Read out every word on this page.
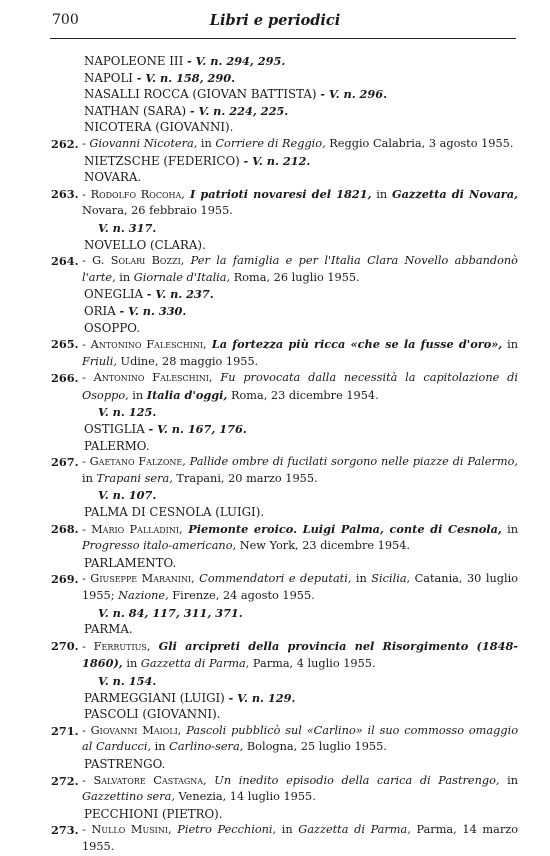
700	Libri e periodici
NAPOLEONE III - V. n. 294, 295.
NAPOLI - V. n. 158, 290.
NASALLI ROCCA (GIOVAN BATTISTA) - V. n. 296.
NATHAN (SARA) - V. n. 224, 225.
NICOTERA (GIOVANNI).
262. - Giovanni Nicotera, in Corriere di Reggio, Reggio Calabria, 3 agosto 1955.
NIETZSCHE (FEDERICO) - V. n. 212.
NOVARA.
263. - Rodolfo Rocoha, I patrioti novaresi del 1821, in Gazzetta di Novara, Novara, 26 febbraio 1955.
V. n. 317.
NOVELLO (CLARA).
264. - G. Solari Bozzi, Per la famiglia e per l'Italia Clara Novello abbandonò l'arte, in Giornale d'Italia, Roma, 26 luglio 1955.
ONEGLIA - V. n. 237.
ORIA - V. n. 330.
OSOPPO.
265. - Antonino Faleschini, La fortezza più ricca «che se la fusse d'oro», in Friuli, Udine, 28 maggio 1955.
266. - Antonino Faleschini, Fu provocata dalla necessità la capitolazione di Osoppo, in Italia d'oggi, Roma, 23 dicembre 1954.
V. n. 125.
OSTIGLIA - V. n. 167, 176.
PALERMO.
267. - Gaetano Falzone, Pallide ombre di fucilati sorgono nelle piazze di Palermo, in Trapani sera, Trapani, 20 marzo 1955.
V. n. 107.
PALMA DI CESNOLA (LUIGI).
268. - Mario Palladini, Piemonte eroico. Luigi Palma, conte di Cesnola, in Progresso italo-americano, New York, 23 dicembre 1954.
PARLAMENTO.
269. - Giuseppe Maranini, Commendatori e deputati, in Sicilia, Catania, 30 luglio 1955; Nazione, Firenze, 24 agosto 1955.
V. n. 84, 117, 311, 371.
PARMA.
270. - Ferrutius, Gli arcipreti della provincia nel Risorgimento (1848-1860), in Gazzetta di Parma, Parma, 4 luglio 1955.
V. n. 154.
PARMEGGIANI (LUIGI) - V. n. 129.
PASCOLI (GIOVANNI).
271. - Giovanni Maioli, Pascoli pubblicò sul «Carlino» il suo commosso omaggio al Carducci, in Carlino-sera, Bologna, 25 luglio 1955.
PASTRENGO.
272. - Salvatore Castagna, Un inedito episodio della carica di Pastrengo, in Gazzettino sera, Venezia, 14 luglio 1955.
PECCHIONI (PIETRO).
273. - Nullo Musini, Pietro Pecchioni, in Gazzetta di Parma, Parma, 14 marzo 1955.
